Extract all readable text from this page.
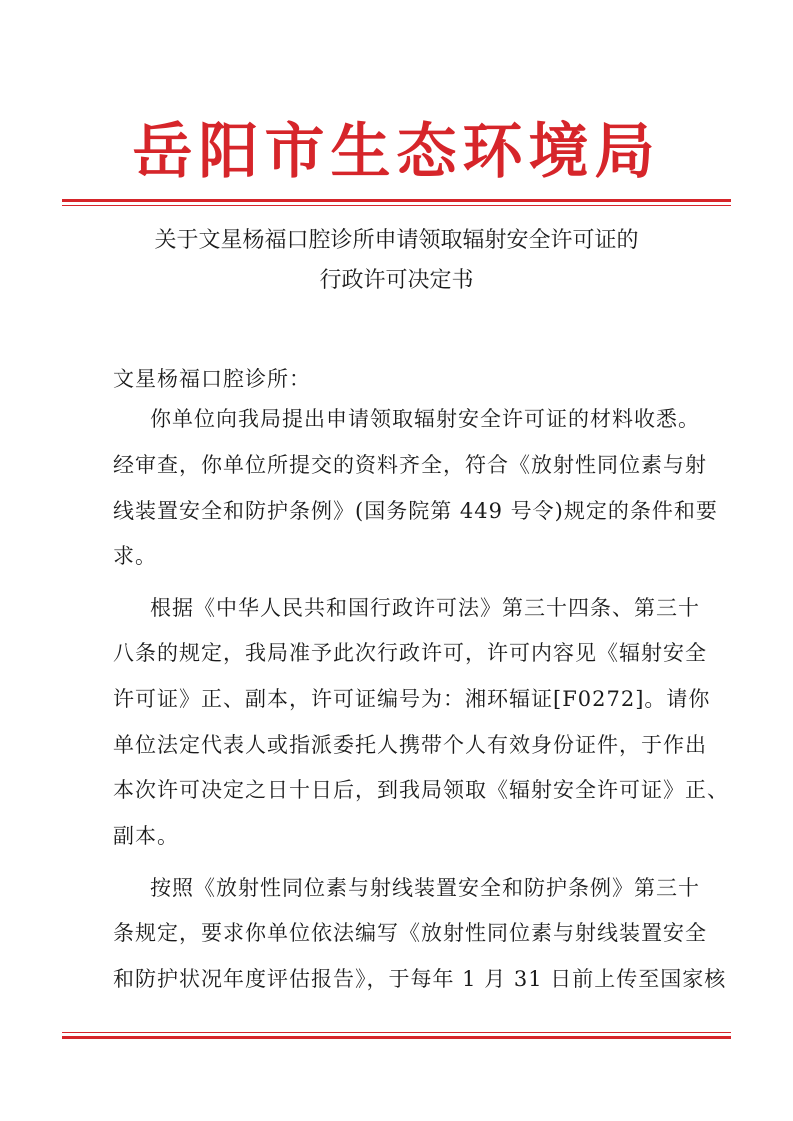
岳阳市生态环境局
关于文星杨福口腔诊所申请领取辐射安全许可证的
行政许可决定书
文星杨福口腔诊所：
你单位向我局提出申请领取辐射安全许可证的材料收悉。
经审查，你单位所提交的资料齐全，符合《放射性同位素与射
线装置安全和防护条例》(国务院第 449 号令)规定的条件和要
求。
根据《中华人民共和国行政许可法》第三十四条、第三十
八条的规定，我局准予此次行政许可，许可内容见《辐射安全
许可证》正、副本，许可证编号为：湘环辐证[F0272]。请你
单位法定代表人或指派委托人携带个人有效身份证件，于作出
本次许可决定之日十日后，到我局领取《辐射安全许可证》正、
副本。
按照《放射性同位素与射线装置安全和防护条例》第三十
条规定，要求你单位依法编写《放射性同位素与射线装置安全
和防护状况年度评估报告》，于每年 1 月 31 日前上传至国家核
